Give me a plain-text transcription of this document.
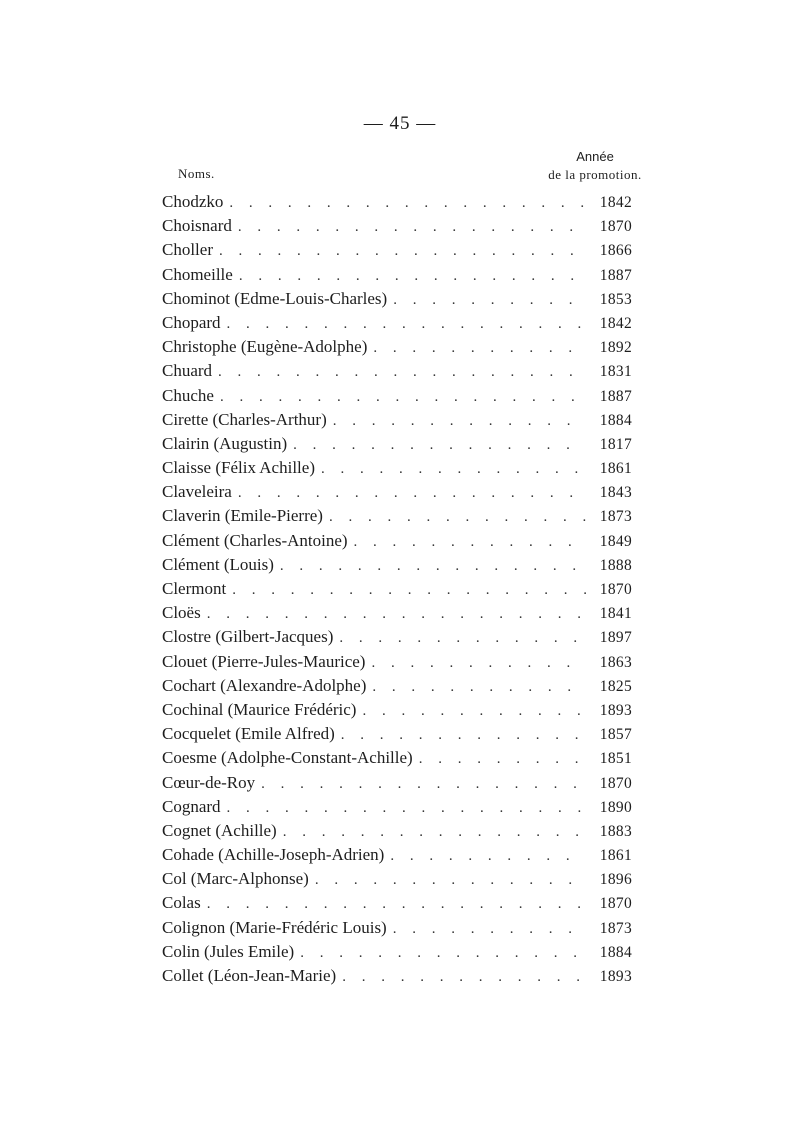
— 45 —
Noms.
Année
de la promotion.
Chodzko . . .	1842
Choisnard . . .	1870
Choller . . .	1866
Chomeille . . .	1887
Chominot (Edme-Louis-Charles) . . .	1853
Chopard . . .	1842
Christophe (Eugène-Adolphe) . . .	1892
Chuard . . .	1831
Chuche . . .	1887
Cirette (Charles-Arthur) . . .	1884
Clairin (Augustin) . . .	1817
Claisse (Félix Achille) . . .	1861
Claveleira . . .	1843
Claverin (Emile-Pierre) . . .	1873
Clément (Charles-Antoine) . . .	1849
Clément (Louis) . . .	1888
Clermont . . .	1870
Cloës . . .	1841
Clostre (Gilbert-Jacques) . . .	1897
Clouet (Pierre-Jules-Maurice) . . .	1863
Cochart (Alexandre-Adolphe) . . .	1825
Cochinal (Maurice Frédéric) . . .	1893
Cocquelet (Emile Alfred) . . .	1857
Coesme (Adolphe-Constant-Achille) . . .	1851
Cœur-de-Roy . . .	1870
Cognard . . .	1890
Cognet (Achille) . . .	1883
Cohade (Achille-Joseph-Adrien) . . .	1861
Col (Marc-Alphonse) . . .	1896
Colas . . .	1870
Colignon (Marie-Frédéric Louis) . . .	1873
Colin (Jules Emile) . . .	1884
Collet (Léon-Jean-Marie) . . .	1893
